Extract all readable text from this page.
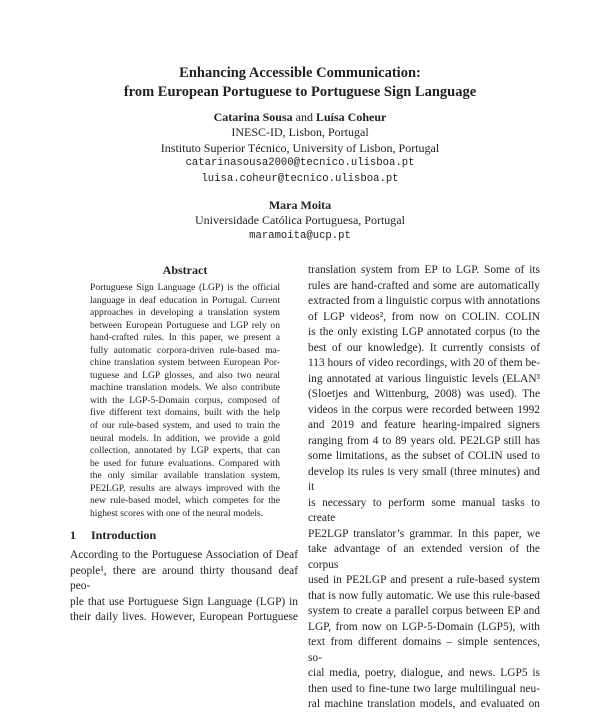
Enhancing Accessible Communication:
from European Portuguese to Portuguese Sign Language
Catarina Sousa and Luísa Coheur
INESC-ID, Lisbon, Portugal
Instituto Superior Técnico, University of Lisbon, Portugal
catarinasousa2000@tecnico.ulisboa.pt
luisa.coheur@tecnico.ulisboa.pt
Mara Moita
Universidade Católica Portuguesa, Portugal
maramoita@ucp.pt
Abstract
Portuguese Sign Language (LGP) is the official
language in deaf education in Portugal. Current
approaches in developing a translation system
between European Portuguese and LGP rely on
hand-crafted rules. In this paper, we present a
fully automatic corpora-driven rule-based ma-
chine translation system between European Por-
tuguese and LGP glosses, and also two neural
machine translation models. We also contribute
with the LGP-5-Domain corpus, composed of
five different text domains, built with the help
of our rule-based system, and used to train the
neural models. In addition, we provide a gold
collection, annotated by LGP experts, that can
be used for future evaluations. Compared with
the only similar available translation system,
PE2LGP, results are always improved with the
new rule-based model, which competes for the
highest scores with one of the neural models.
1 Introduction
According to the Portuguese Association of Deaf
people¹, there are around thirty thousand deaf peo-
ple that use Portuguese Sign Language (LGP) in
their daily lives. However, European Portuguese
translation system from EP to LGP. Some of its
rules are hand-crafted and some are automatically
extracted from a linguistic corpus with annotations
of LGP videos², from now on COLIN. COLIN
is the only existing LGP annotated corpus (to the
best of our knowledge). It currently consists of
113 hours of video recordings, with 20 of them be-
ing annotated at various linguistic levels (ELAN³
(Sloetjes and Wittenburg, 2008) was used). The
videos in the corpus were recorded between 1992
and 2019 and feature hearing-impaired signers
ranging from 4 to 89 years old. PE2LGP still has
some limitations, as the subset of COLIN used to
develop its rules is very small (three minutes) and it
is necessary to perform some manual tasks to create
PE2LGP translator’s grammar. In this paper, we
take advantage of an extended version of the corpus
used in PE2LGP and present a rule-based system
that is now fully automatic. We use this rule-based
system to create a parallel corpus between EP and
LGP, from now on LGP-5-Domain (LGP5), with
text from different domains – simple sentences, so-
cial media, poetry, dialogue, and news. LGP5 is
then used to fine-tune two large multilingual neu-
ral machine translation models, and evaluated on
